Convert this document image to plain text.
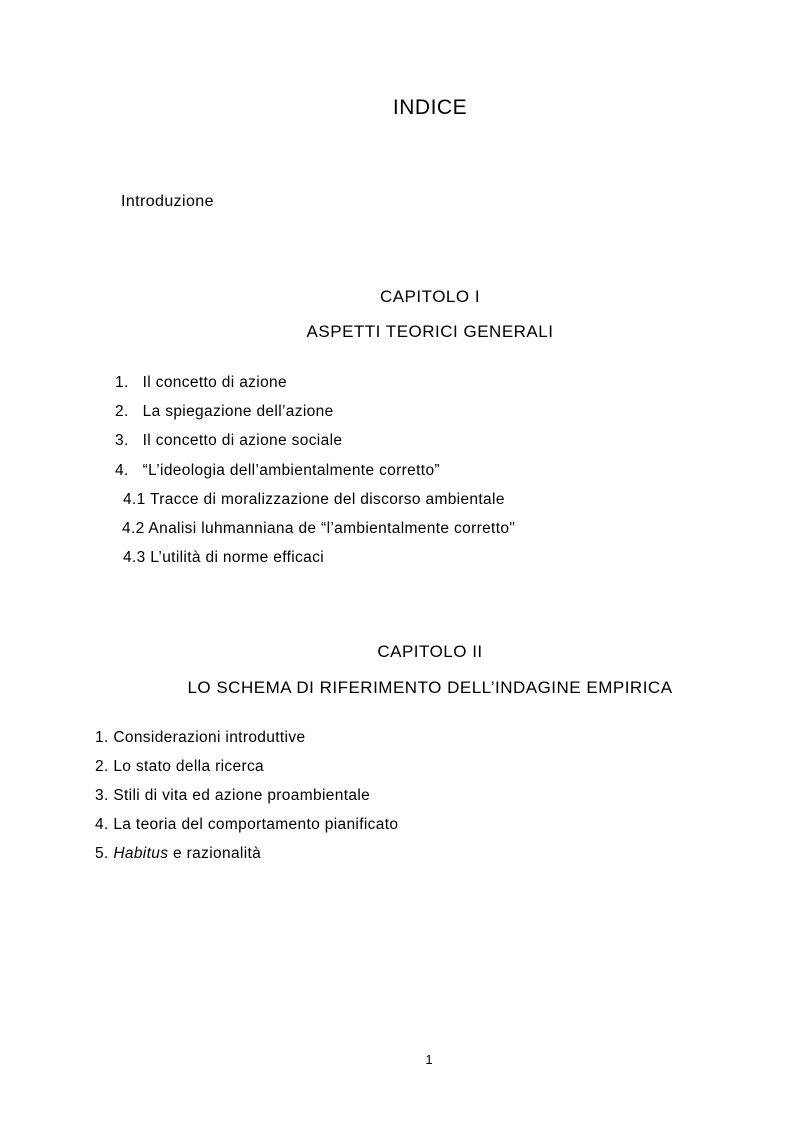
INDICE
Introduzione
CAPITOLO I
ASPETTI TEORICI GENERALI
1. Il concetto di azione
2. La spiegazione dell’azione
3. Il concetto di azione sociale
4. “L’ideologia dell’ambientalmente corretto”
4.1 Tracce di moralizzazione del discorso ambientale
4.2 Analisi luhmanniana de “l’ambientalmente corretto"
4.3 L’utilità di norme efficaci
CAPITOLO II
LO SCHEMA DI RIFERIMENTO DELL’INDAGINE EMPIRICA
1. Considerazioni introduttive
2. Lo stato della ricerca
3. Stili di vita ed azione proambientale
4. La teoria del comportamento pianificato
5. Habitus e razionalità
1
